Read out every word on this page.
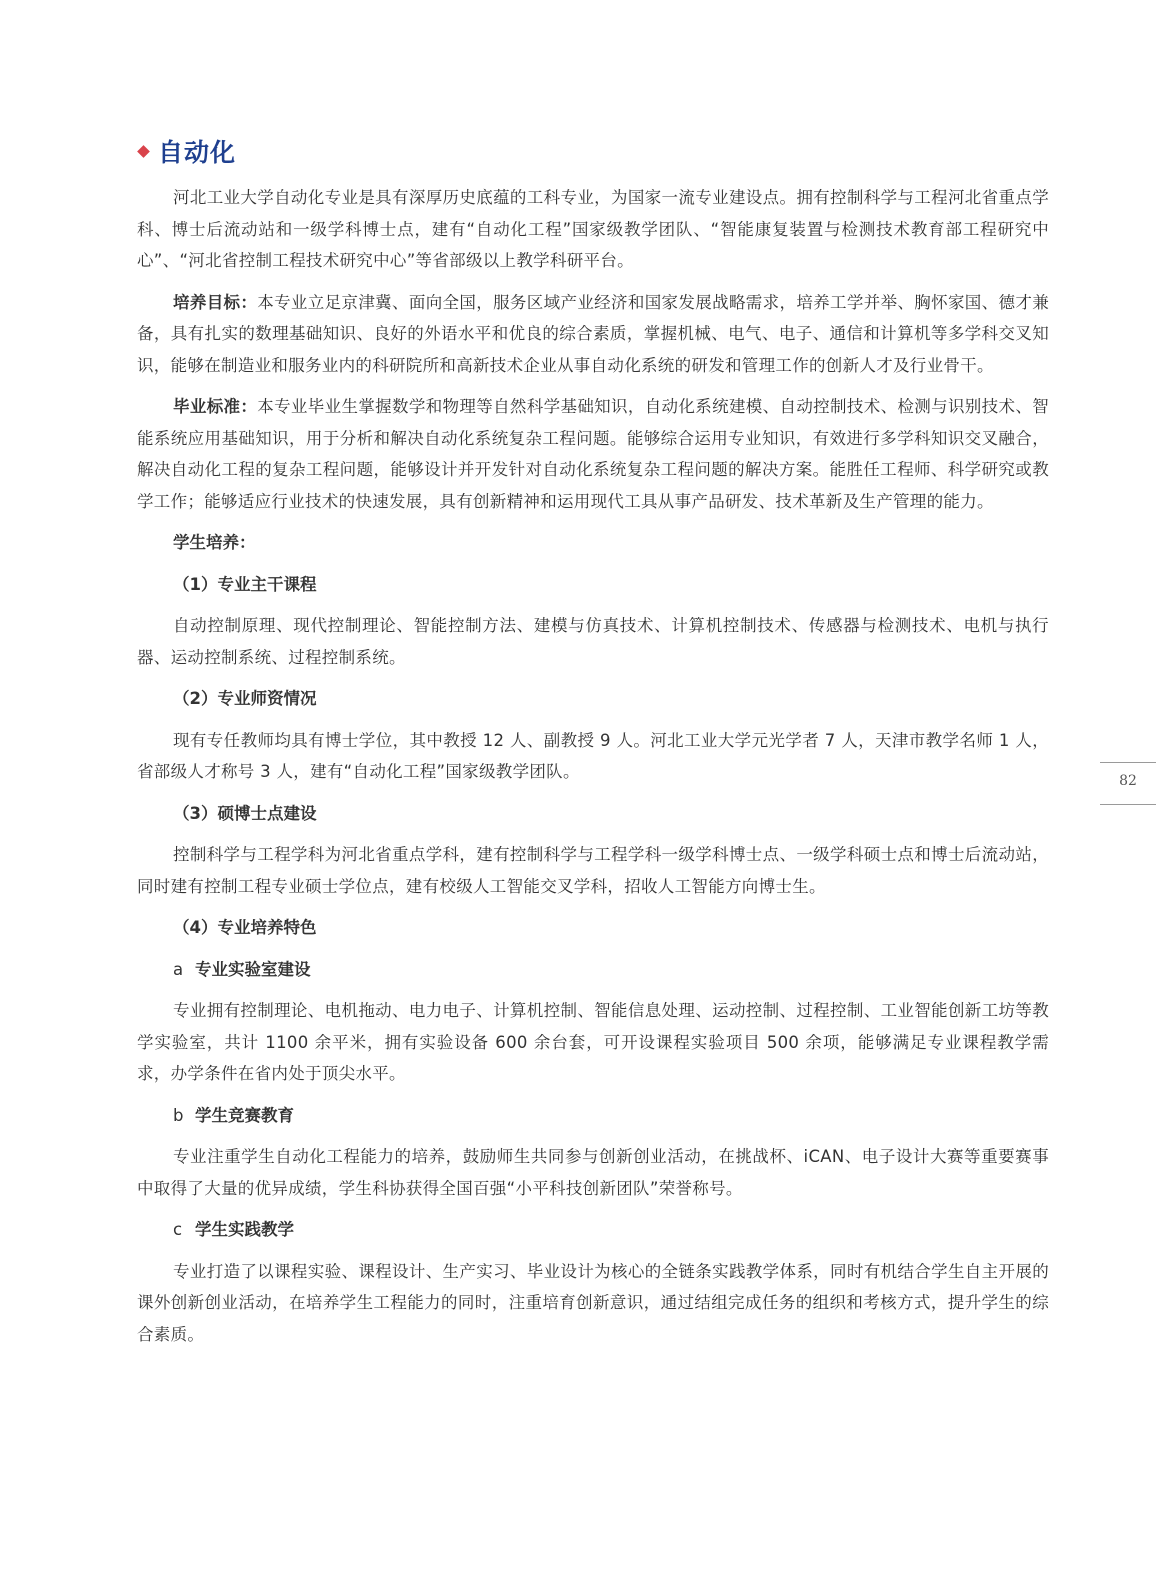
自动化

河北工业大学自动化专业是具有深厚历史底蕴的工科专业，为国家一流专业建设点。拥有控制科学与工程河北省重点学科、博士后流动站和一级学科博士点，建有“自动化工程”国家级教学团队、“智能康复装置与检测技术教育部工程研究中心”、“河北省控制工程技术研究中心”等省部级以上教学科研平台。

培养目标：本专业立足京津冀、面向全国，服务区域产业经济和国家发展战略需求，培养工学并举、胸怀家国、德才兼备，具有扎实的数理基础知识、良好的外语水平和优良的综合素质，掌握机械、电气、电子、通信和计算机等多学科交叉知识，能够在制造业和服务业内的科研院所和高新技术企业从事自动化系统的研发和管理工作的创新人才及行业骨干。

毕业标准：本专业毕业生掌握数学和物理等自然科学基础知识，自动化系统建模、自动控制技术、检测与识别技术、智能系统应用基础知识，用于分析和解决自动化系统复杂工程问题。能够综合运用专业知识，有效进行多学科知识交叉融合，解决自动化工程的复杂工程问题，能够设计并开发针对自动化系统复杂工程问题的解决方案。能胜任工程师、科学研究或教学工作；能够适应行业技术的快速发展，具有创新精神和运用现代工具从事产品研发、技术革新及生产管理的能力。

学生培养：
（1）专业主干课程

自动控制原理、现代控制理论、智能控制方法、建模与仿真技术、计算机控制技术、传感器与检测技术、电机与执行器、运动控制系统、过程控制系统。

（2）专业师资情况

现有专任教师均具有博士学位，其中教授 12 人、副教授 9 人。河北工业大学元光学者 7 人，天津市教学名师 1 人，省部级人才称号 3 人，建有“自动化工程”国家级教学团队。

（3）硕博士点建设

控制科学与工程学科为河北省重点学科，建有控制科学与工程学科一级学科博士点、一级学科硕士点和博士后流动站，同时建有控制工程专业硕士学位点，建有校级人工智能交叉学科，招收人工智能方向博士生。

（4）专业培养特色
a 专业实验室建设

专业拥有控制理论、电机拖动、电力电子、计算机控制、智能信息处理、运动控制、过程控制、工业智能创新工坊等教学实验室，共计 1100 余平米，拥有实验设备 600 余台套，可开设课程实验项目 500 余项，能够满足专业课程教学需求，办学条件在省内处于顶尖水平。

b 学生竞赛教育

专业注重学生自动化工程能力的培养，鼓励师生共同参与创新创业活动，在挑战杯、iCAN、电子设计大赛等重要赛事中取得了大量的优异成绩，学生科协获得全国百强“小平科技创新团队”荣誉称号。

c 学生实践教学

专业打造了以课程实验、课程设计、生产实习、毕业设计为核心的全链条实践教学体系，同时有机结合学生自主开展的课外创新创业活动，在培养学生工程能力的同时，注重培育创新意识，通过结组完成任务的组织和考核方式，提升学生的综合素质。

82
